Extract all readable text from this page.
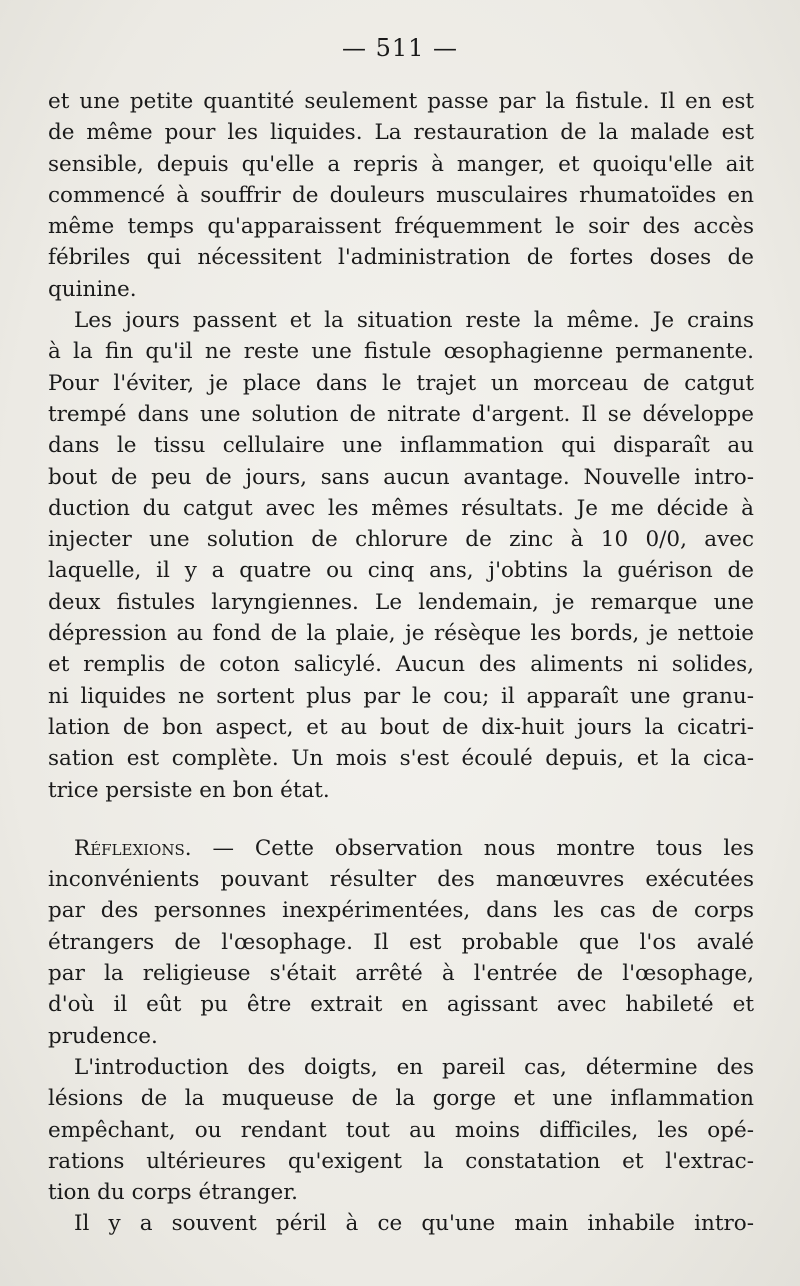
— 511 —
et une petite quantité seulement passe par la fistule. Il en est
de même pour les liquides. La restauration de la malade est
sensible, depuis qu'elle a repris à manger, et quoiqu'elle ait
commencé à souffrir de douleurs musculaires rhumatoïdes en
même temps qu'apparaissent fréquemment le soir des accès
fébriles qui nécessitent l'administration de fortes doses de
quinine.
Les jours passent et la situation reste la même. Je crains
à la fin qu'il ne reste une fistule œsophagienne permanente.
Pour l'éviter, je place dans le trajet un morceau de catgut
trempé dans une solution de nitrate d'argent. Il se développe
dans le tissu cellulaire une inflammation qui disparaît au
bout de peu de jours, sans aucun avantage. Nouvelle intro-
duction du catgut avec les mêmes résultats. Je me décide à
injecter une solution de chlorure de zinc à 10 0/0, avec
laquelle, il y a quatre ou cinq ans, j'obtins la guérison de
deux fistules laryngiennes. Le lendemain, je remarque une
dépression au fond de la plaie, je résèque les bords, je nettoie
et remplis de coton salicylé. Aucun des aliments ni solides,
ni liquides ne sortent plus par le cou; il apparaît une granu-
lation de bon aspect, et au bout de dix-huit jours la cicatri-
sation est complète. Un mois s'est écoulé depuis, et la cica-
trice persiste en bon état.
Réflexions. — Cette observation nous montre tous les
inconvénients pouvant résulter des manœuvres exécutées
par des personnes inexpérimentées, dans les cas de corps
étrangers de l'œsophage. Il est probable que l'os avalé
par la religieuse s'était arrêté à l'entrée de l'œsophage,
d'où il eût pu être extrait en agissant avec habileté et
prudence.
L'introduction des doigts, en pareil cas, détermine des
lésions de la muqueuse de la gorge et une inflammation
empêchant, ou rendant tout au moins difficiles, les opé-
rations ultérieures qu'exigent la constatation et l'extrac-
tion du corps étranger.
Il y a souvent péril à ce qu'une main inhabile intro-
